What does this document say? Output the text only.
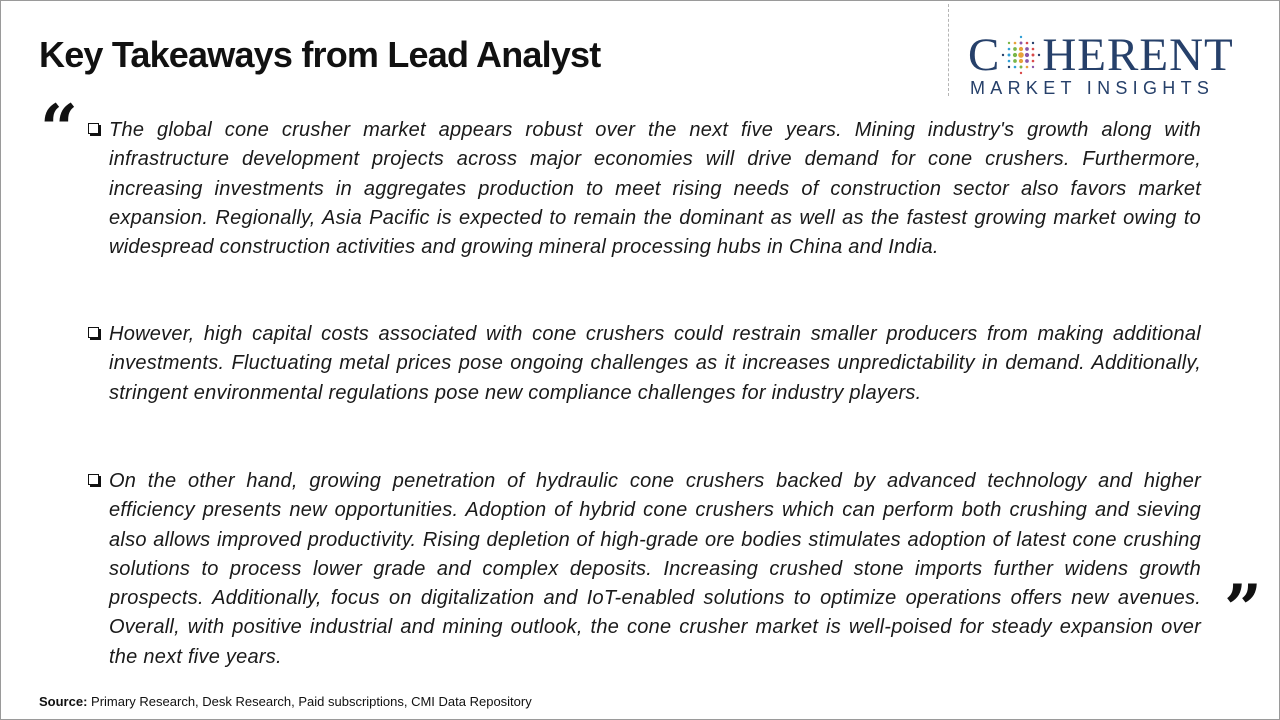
Key Takeaways from Lead Analyst	C HERENT
MARKET INSIGHTS
“
”

The global cone crusher market appears robust over the next five years. Mining industry's growth along with infrastructure development projects across major economies will drive demand for cone crushers. Furthermore, increasing investments in aggregates production to meet rising needs of construction sector also favors market expansion. Regionally, Asia Pacific is expected to remain the dominant as well as the fastest growing market owing to widespread construction activities and growing mineral processing hubs in China and India.

However, high capital costs associated with cone crushers could restrain smaller producers from making additional investments. Fluctuating metal prices pose ongoing challenges as it increases unpredictability in demand. Additionally, stringent environmental regulations pose new compliance challenges for industry players.

On the other hand, growing penetration of hydraulic cone crushers backed by advanced technology and higher efficiency presents new opportunities. Adoption of hybrid cone crushers which can perform both crushing and sieving also allows improved productivity. Rising depletion of high-grade ore bodies stimulates adoption of latest cone crushing solutions to process lower grade and complex deposits. Increasing crushed stone imports further widens growth prospects. Additionally, focus on digitalization and IoT-enabled solutions to optimize operations offers new avenues. Overall, with positive industrial and mining outlook, the cone crusher market is well-poised for steady expansion over the next five years.

Source: Primary Research, Desk Research, Paid subscriptions, CMI Data Repository
